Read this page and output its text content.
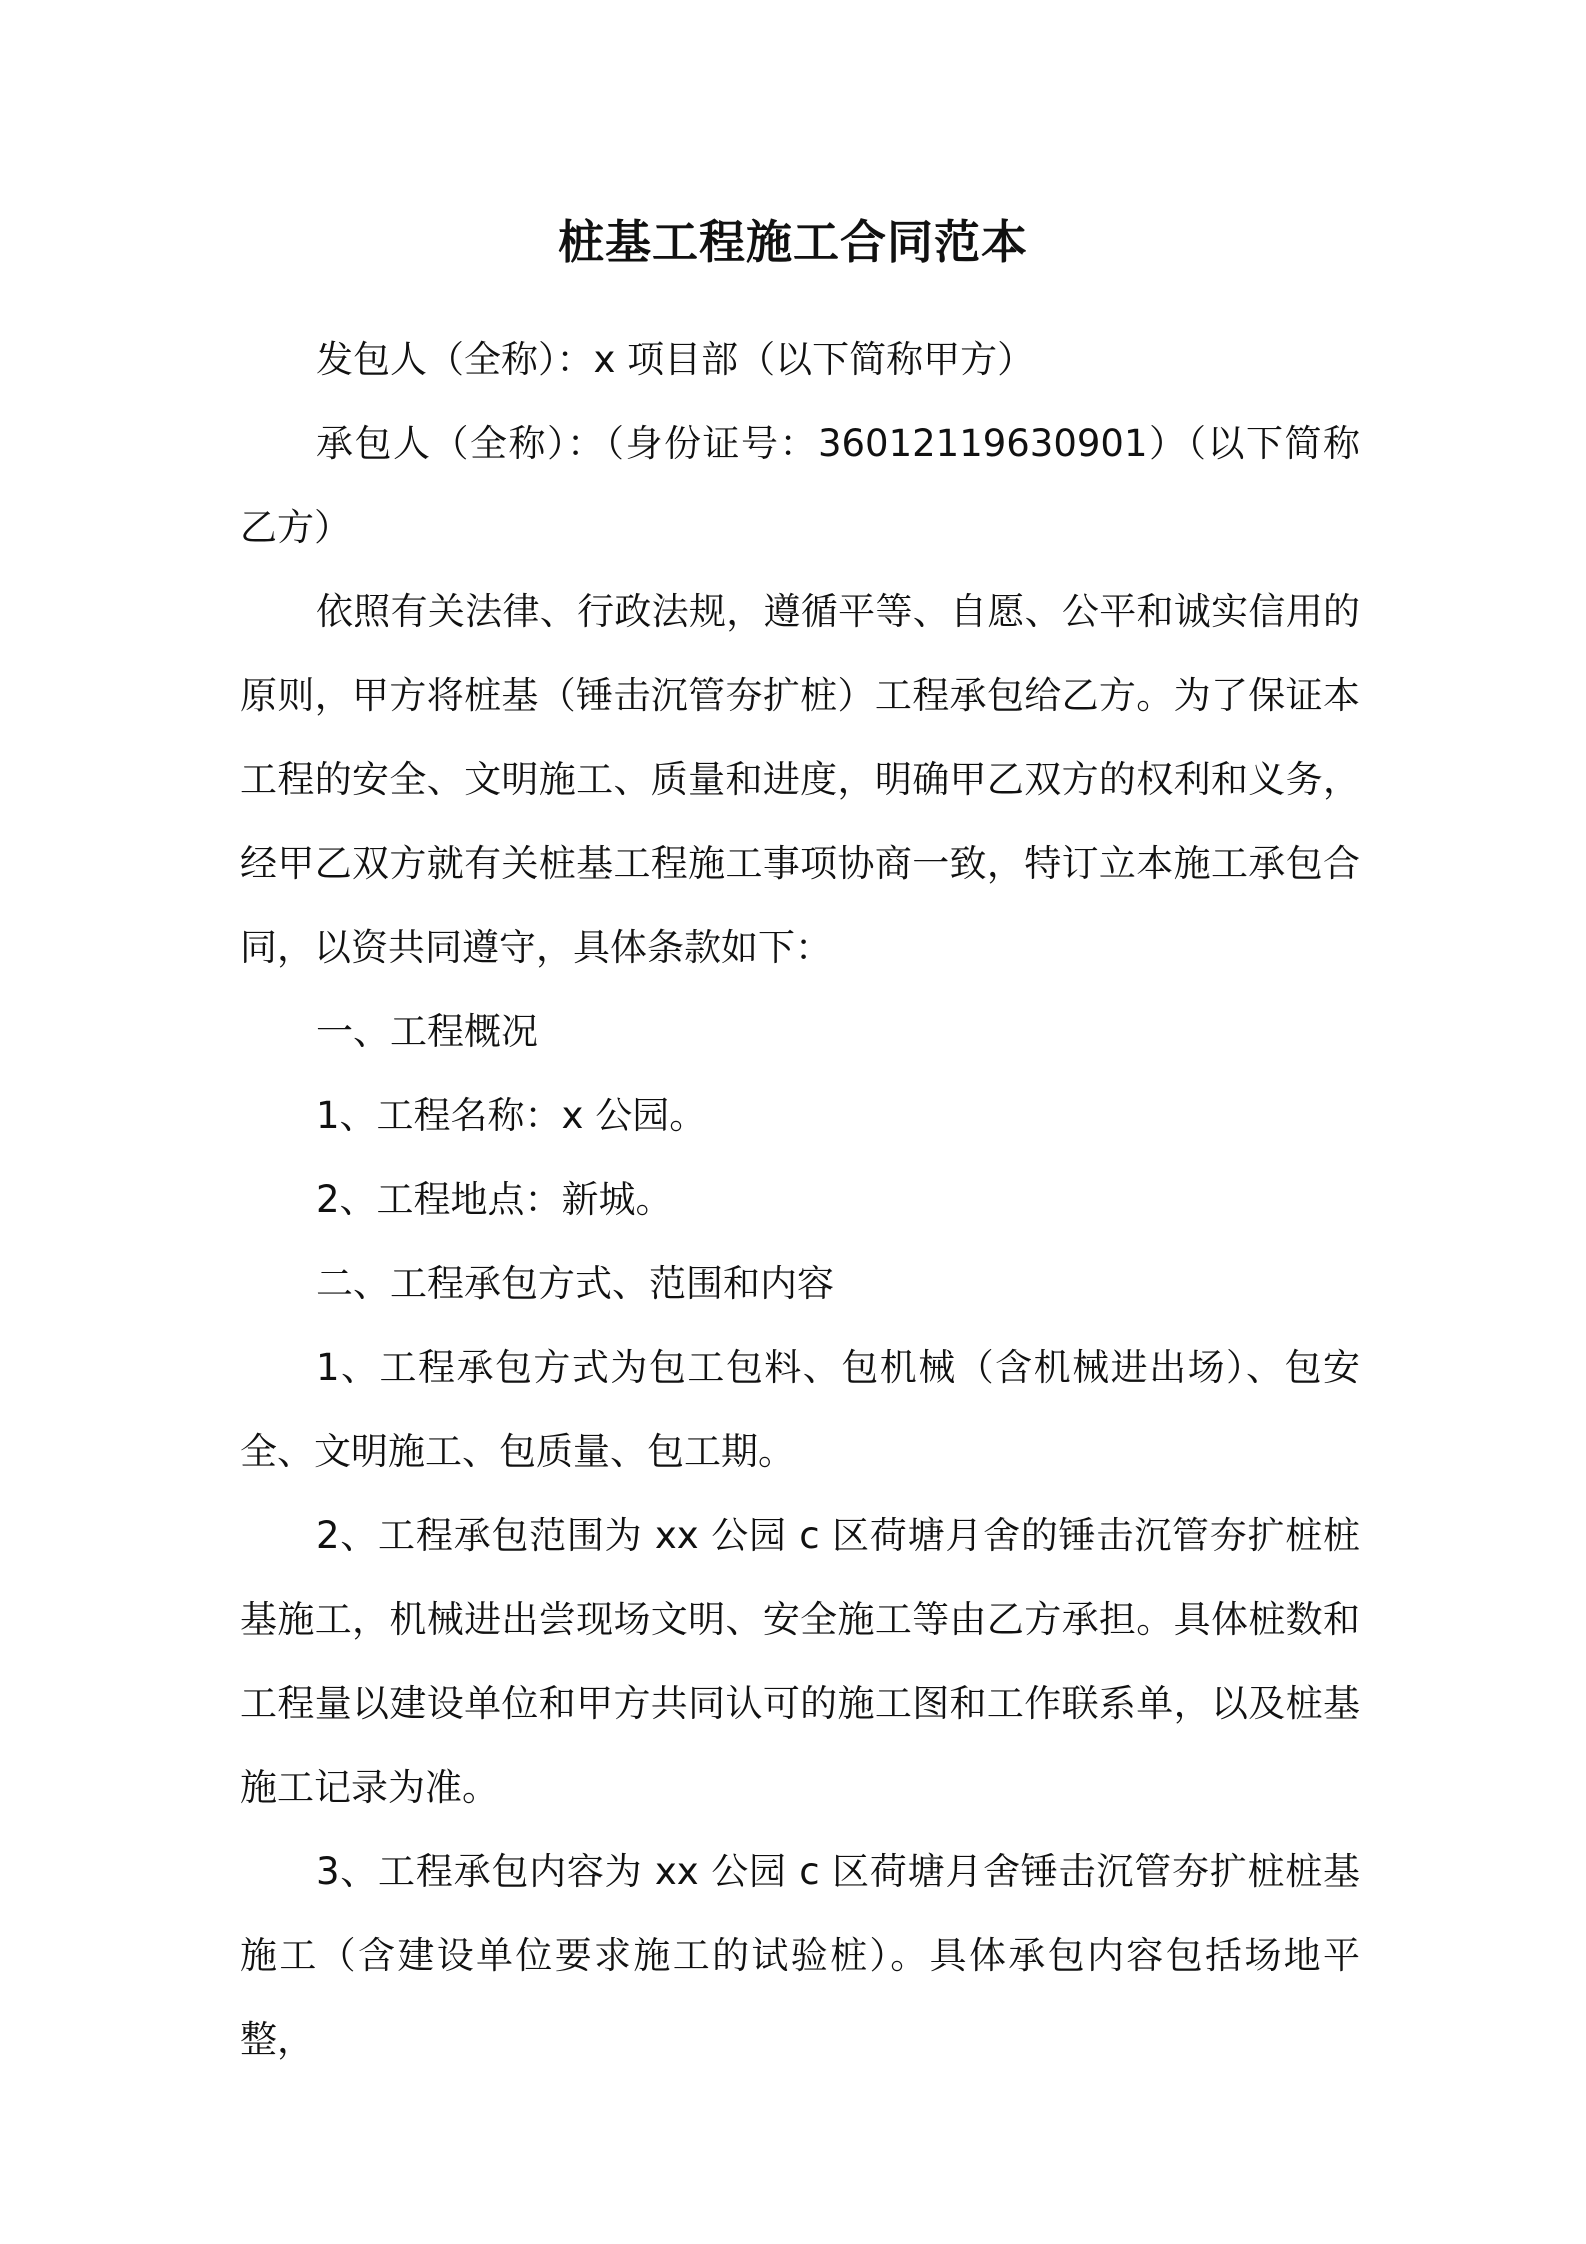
桩基工程施工合同范本

发包人（全称）：x 项目部（以下简称甲方）

承包人（全称）：（身份证号：36012119630901）（以下简称乙方）

依照有关法律、行政法规，遵循平等、自愿、公平和诚实信用的原则，甲方将桩基（锤击沉管夯扩桩）工程承包给乙方。为了保证本工程的安全、文明施工、质量和进度，明确甲乙双方的权利和义务，经甲乙双方就有关桩基工程施工事项协商一致，特订立本施工承包合同，以资共同遵守，具体条款如下：

一、工程概况

1、工程名称：x 公园。

2、工程地点：新城。

二、工程承包方式、范围和内容

1、工程承包方式为包工包料、包机械（含机械进出场）、包安全、文明施工、包质量、包工期。

2、工程承包范围为 xx 公园 c 区荷塘月舍的锤击沉管夯扩桩桩基施工，机械进出尝现场文明、安全施工等由乙方承担。具体桩数和工程量以建设单位和甲方共同认可的施工图和工作联系单，以及桩基施工记录为准。

3、工程承包内容为 xx 公园 c 区荷塘月舍锤击沉管夯扩桩桩基施工（含建设单位要求施工的试验桩）。具体承包内容包括场地平整，
